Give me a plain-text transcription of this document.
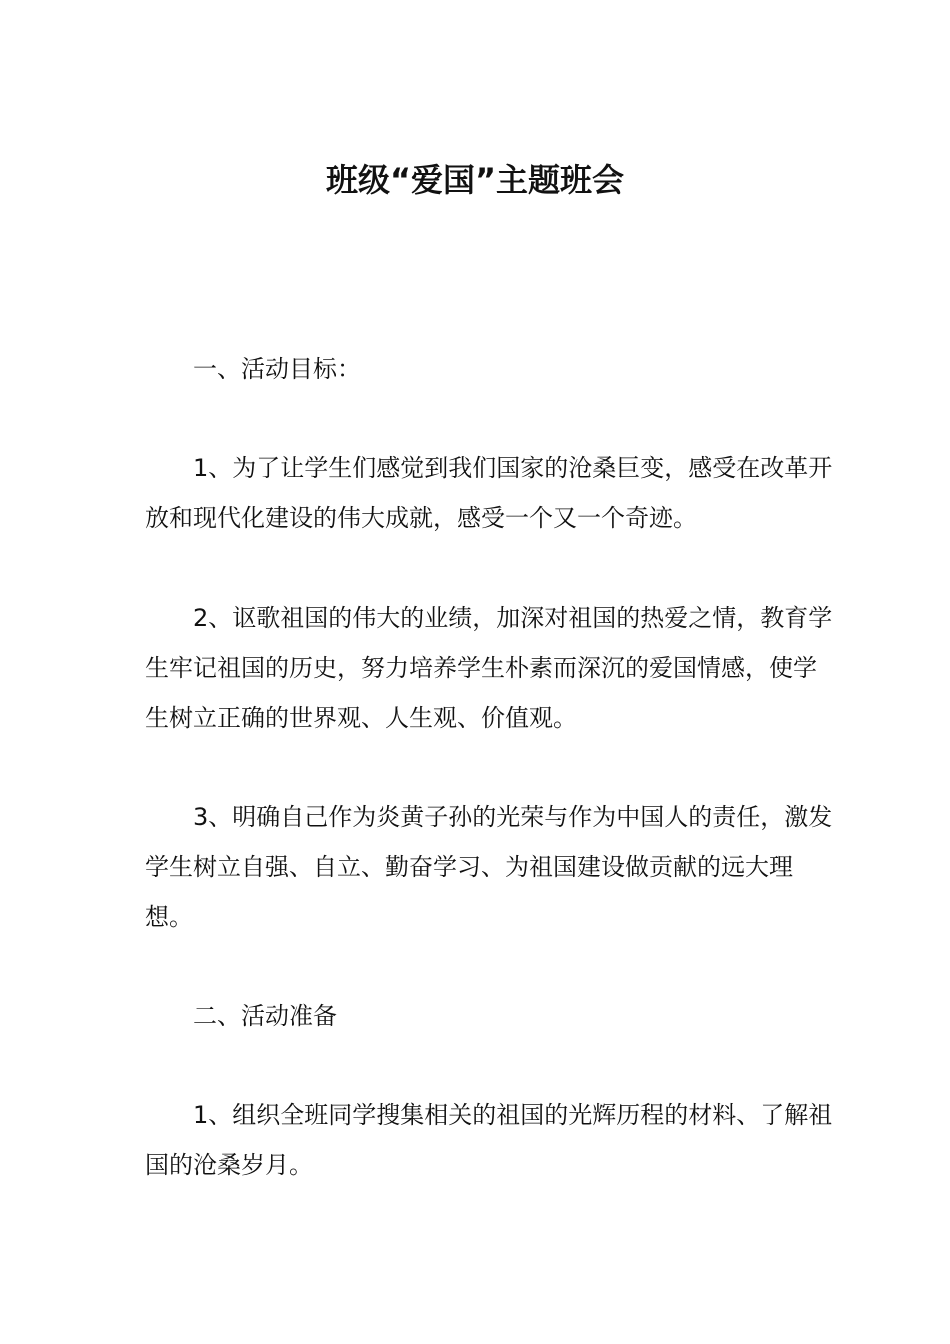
班级“爱国”主题班会

一、活动目标：

1、为了让学生们感觉到我们国家的沧桑巨变，感受在改革开放和现代化建设的伟大成就，感受一个又一个奇迹。

2、讴歌祖国的伟大的业绩，加深对祖国的热爱之情，教育学生牢记祖国的历史，努力培养学生朴素而深沉的爱国情感，使学生树立正确的世界观、人生观、价值观。

3、明确自己作为炎黄子孙的光荣与作为中国人的责任，激发学生树立自强、自立、勤奋学习、为祖国建设做贡献的远大理想。

二、活动准备

1、组织全班同学搜集相关的祖国的光辉历程的材料、了解祖国的沧桑岁月。
